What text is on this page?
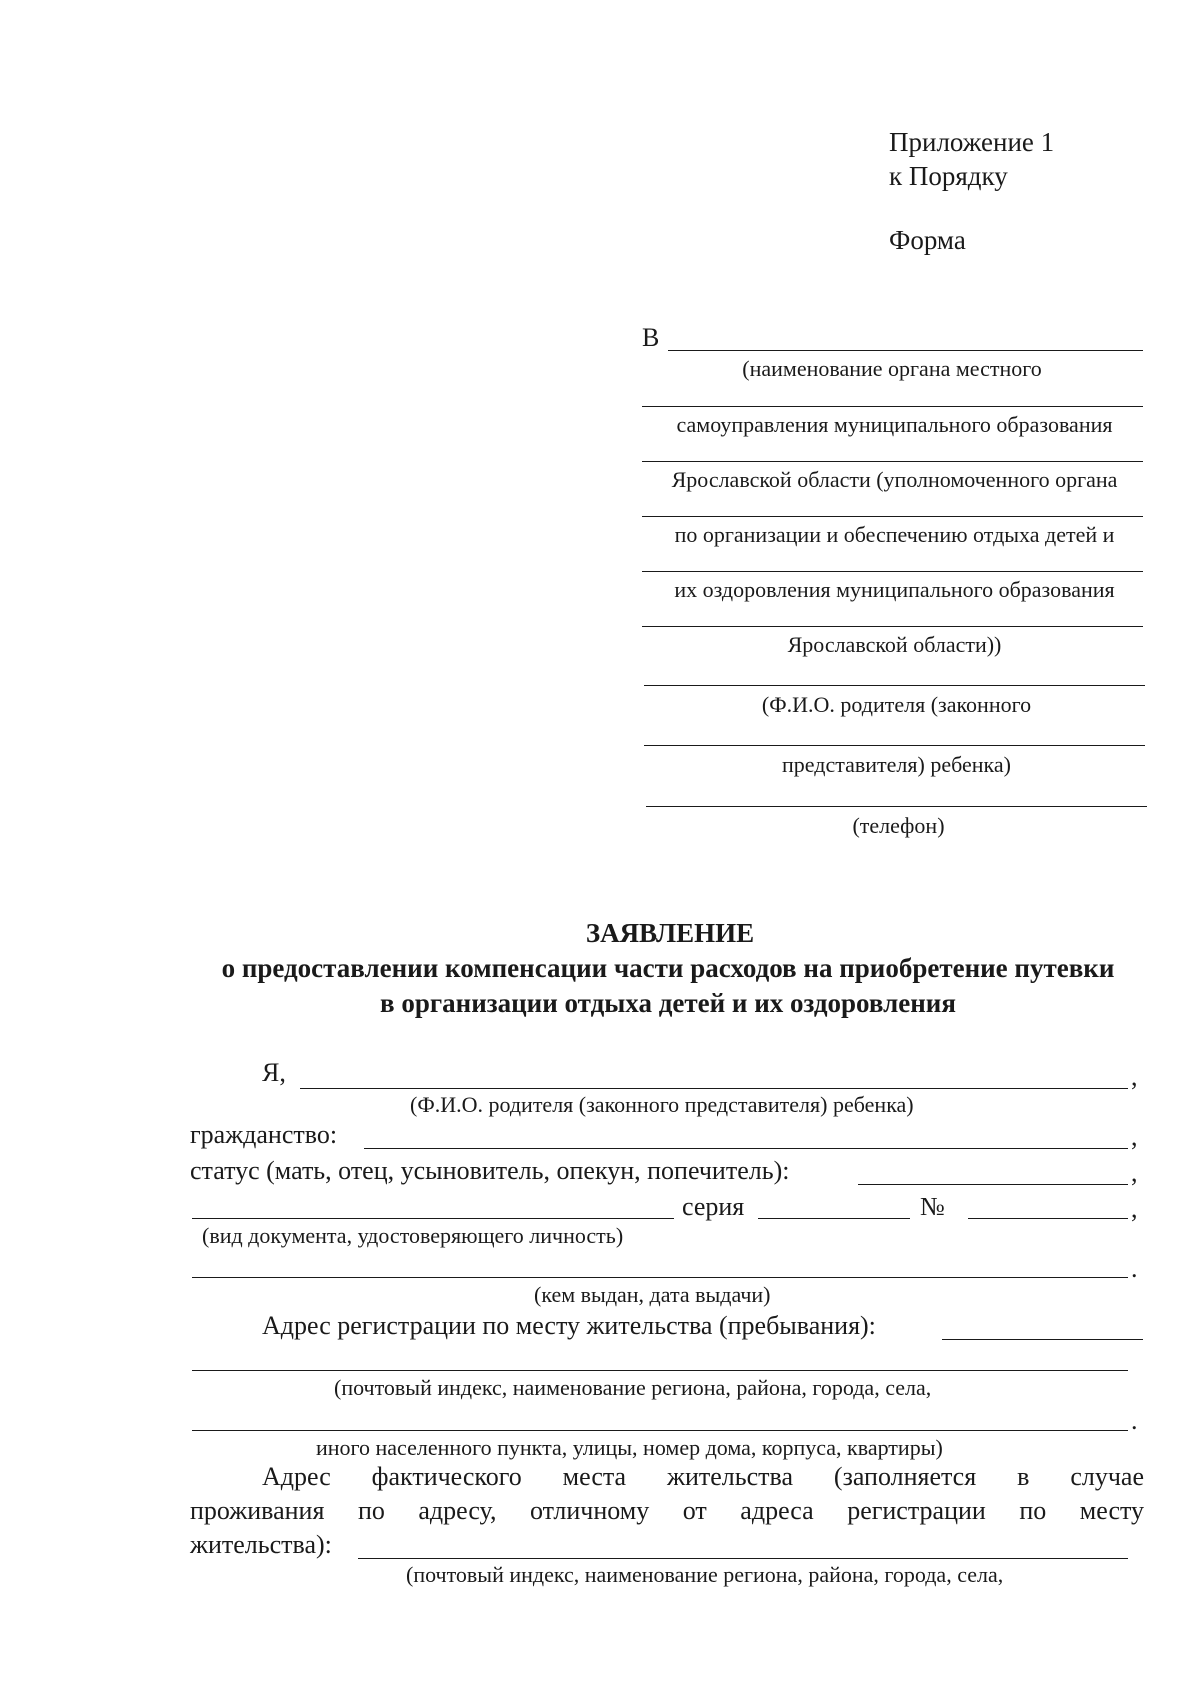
Приложение 1
к Порядку
Форма
В
(наименование органа местного
самоуправления муниципального образования
Ярославской области (уполномоченного органа
по организации и обеспечению отдыха детей и
их оздоровления муниципального образования
Ярославской области))
(Ф.И.О. родителя (законного
представителя) ребенка)
(телефон)
ЗАЯВЛЕНИЕ
о предоставлении компенсации части расходов на приобретение путевки
в организации отдыха детей и их оздоровления
Я,	,
(Ф.И.О. родителя (законного представителя) ребенка)
гражданство:	,
статус (мать, отец, усыновитель, опекун, попечитель):	,
серия	№	,
(вид документа, удостоверяющего личность)
.
(кем выдан, дата выдачи)
Адрес регистрации по месту жительства (пребывания):
(почтовый индекс, наименование региона, района, города, села,
.
иного населенного пункта, улицы, номер дома, корпуса, квартиры)
Адрес фактического места жительства (заполняется в случае
проживания по адресу, отличному от адреса регистрации по месту
жительства):
(почтовый индекс, наименование региона, района, города, села,
